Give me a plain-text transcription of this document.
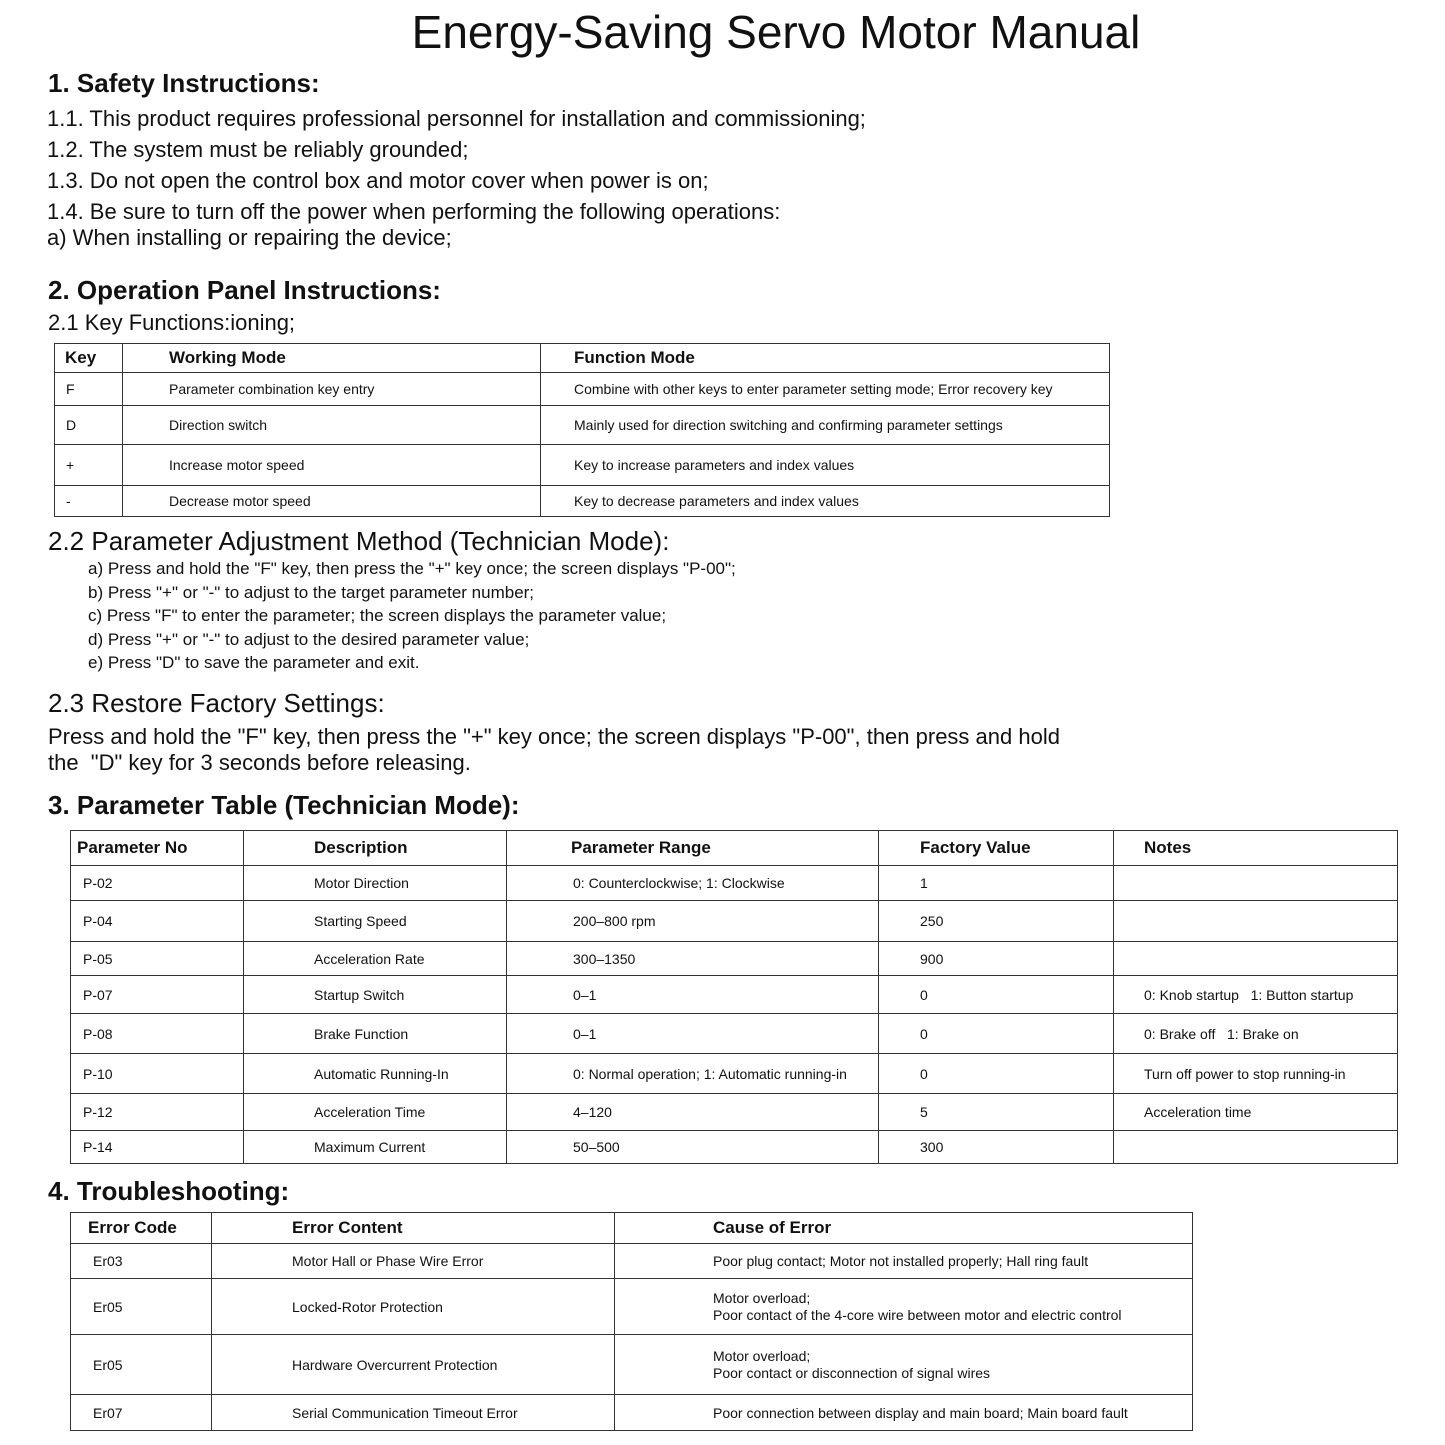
Energy-Saving Servo Motor Manual
1. Safety Instructions:
1.1. This product requires professional personnel for installation and commissioning;
1.2. The system must be reliably grounded;
1.3. Do not open the control box and motor cover when power is on;
1.4. Be sure to turn off the power when performing the following operations:
a) When installing or repairing the device;
2. Operation Panel Instructions:
2.1 Key Functions:ioning;
Key	Working Mode	Function Mode
F	Parameter combination key entry	Combine with other keys to enter parameter setting mode; Error recovery key
D	Direction switch	Mainly used for direction switching and confirming parameter settings
+	Increase motor speed	Key to increase parameters and index values
-	Decrease motor speed	Key to decrease parameters and index values
2.2 Parameter Adjustment Method (Technician Mode):
a) Press and hold the "F" key, then press the "+" key once; the screen displays "P-00";
b) Press "+" or "-" to adjust to the target parameter number;
c) Press "F" to enter the parameter; the screen displays the parameter value;
d) Press "+" or "-" to adjust to the desired parameter value;
e) Press "D" to save the parameter and exit.
2.3 Restore Factory Settings:
Press and hold the "F" key, then press the "+" key once; the screen displays "P-00", then press and hold
the  "D" key for 3 seconds before releasing.
3. Parameter Table (Technician Mode):
Parameter No	Description	Parameter Range	Factory Value	Notes
P-02	Motor Direction	0: Counterclockwise; 1: Clockwise	1	
P-04	Starting Speed	200–800 rpm	250	
P-05	Acceleration Rate	300–1350	900	
P-07	Startup Switch	0–1	0	0: Knob startup   1: Button startup
P-08	Brake Function	0–1	0	0: Brake off   1: Brake on
P-10	Automatic Running-In	0: Normal operation; 1: Automatic running-in	0	Turn off power to stop running-in
P-12	Acceleration Time	4–120	5	Acceleration time
P-14	Maximum Current	50–500	300	
4. Troubleshooting:
Error Code	Error Content	Cause of Error
Er03	Motor Hall or Phase Wire Error	Poor plug contact; Motor not installed properly; Hall ring fault
Er05	Locked-Rotor Protection	Motor overload;
Poor contact of the 4-core wire between motor and electric control
Er05	Hardware Overcurrent Protection	Motor overload;
Poor contact or disconnection of signal wires
Er07	Serial Communication Timeout Error	Poor connection between display and main board; Main board fault
